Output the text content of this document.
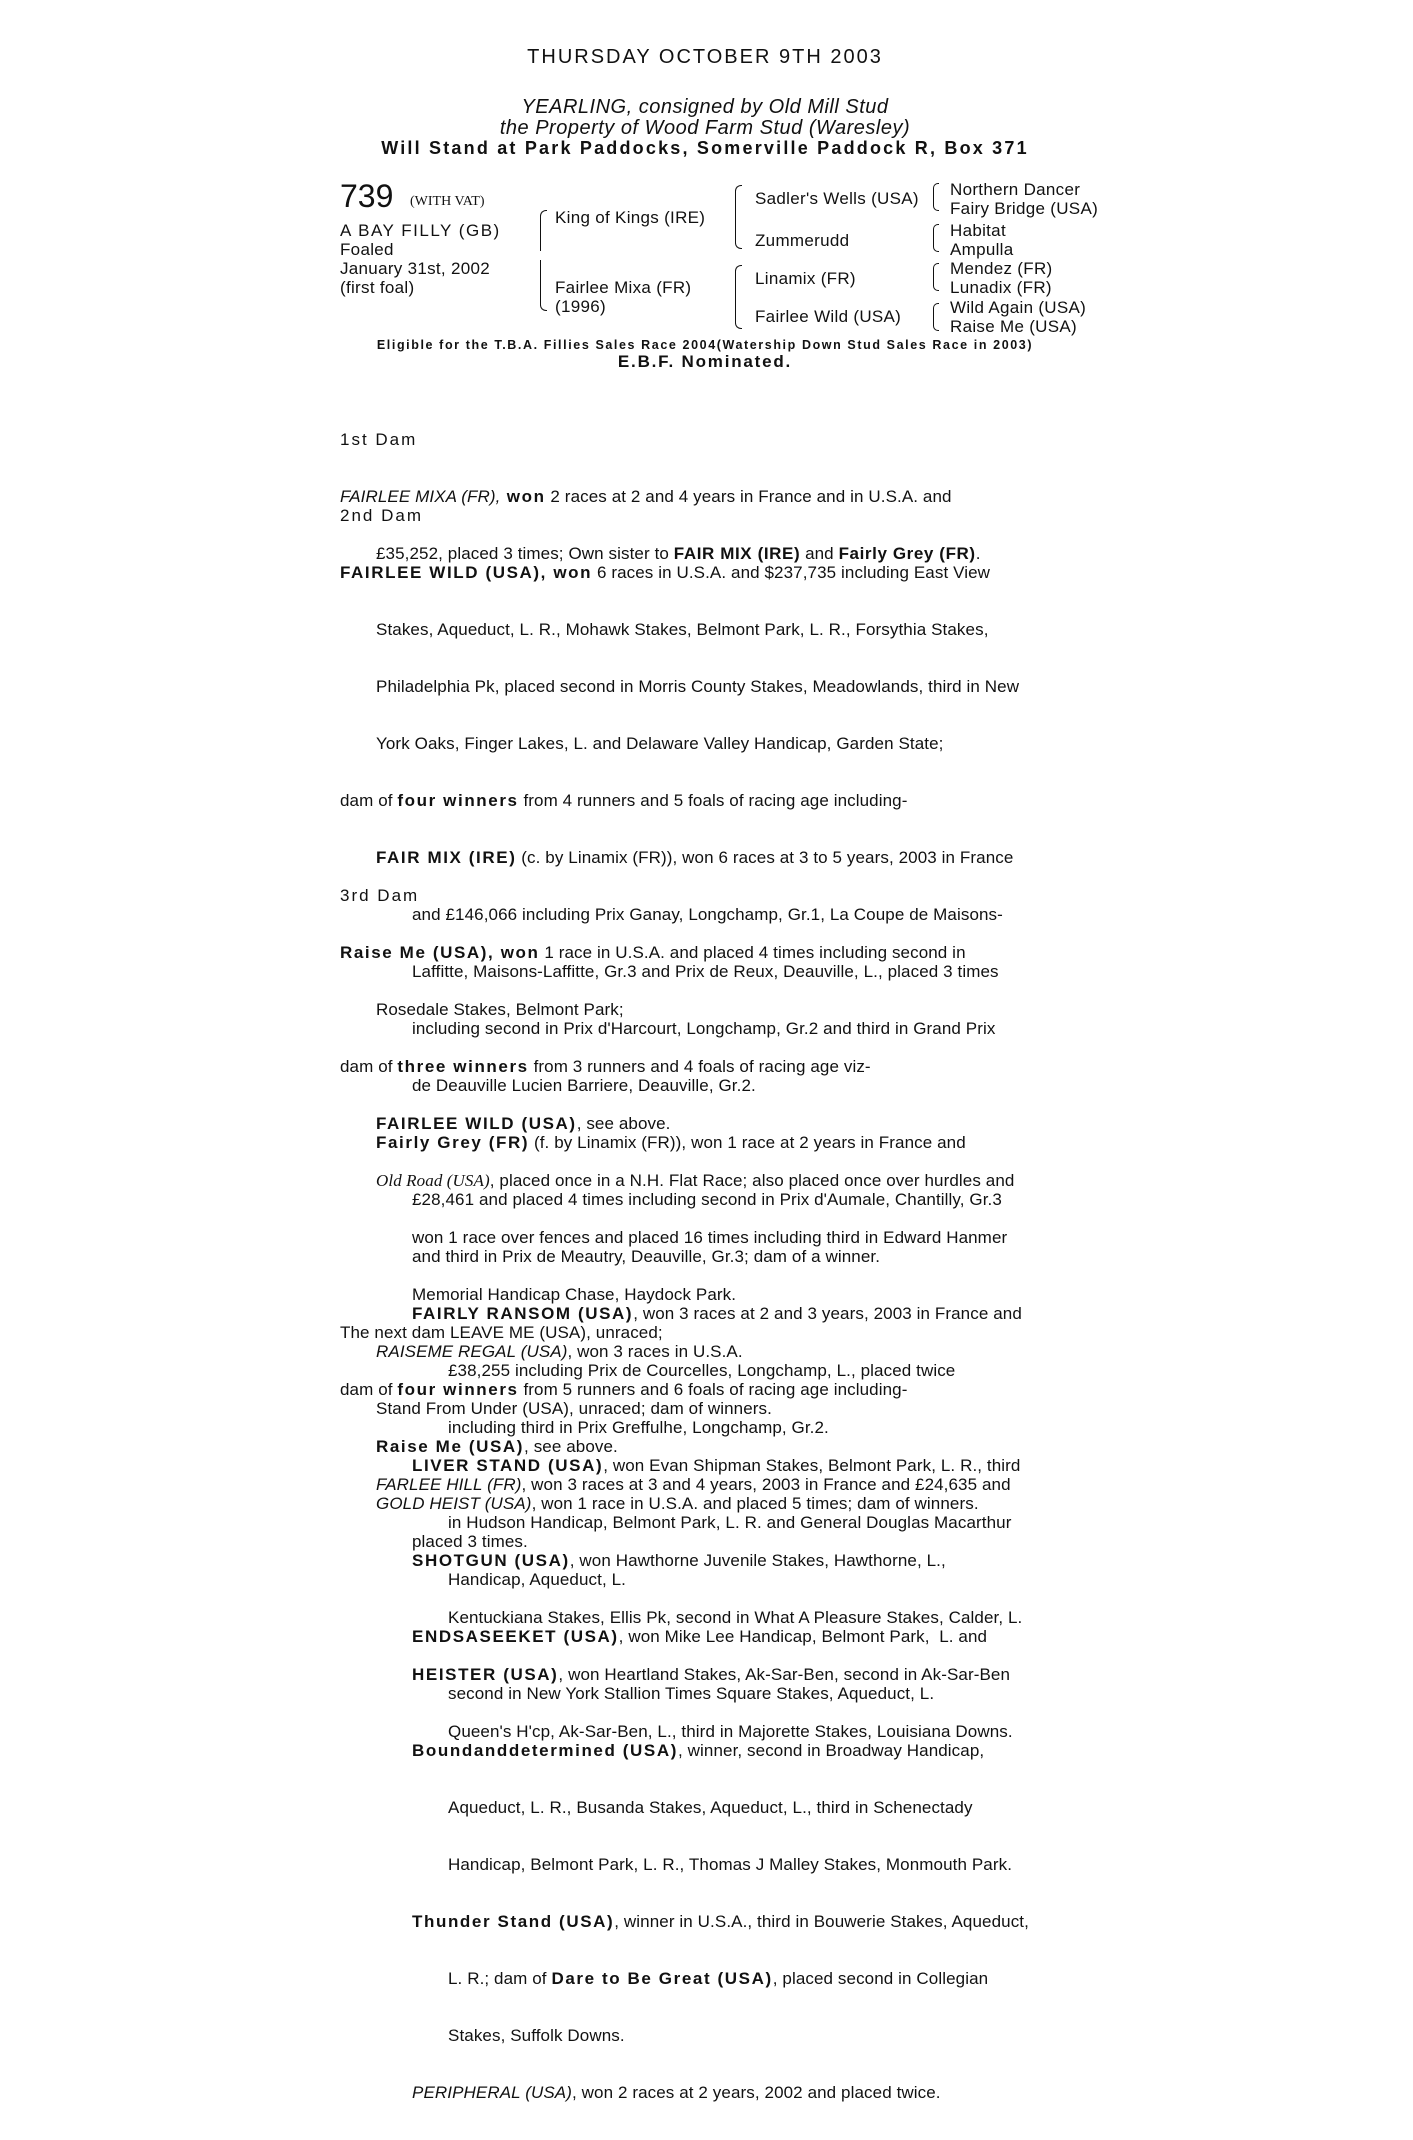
THURSDAY OCTOBER 9TH 2003
YEARLING, consigned by Old Mill Stud
the Property of Wood Farm Stud (Waresley)
Will Stand at Park Paddocks, Somerville Paddock R, Box 371
739 (WITH VAT)
A BAY FILLY (GB)
Foaled
January 31st, 2002
(first foal)
King of Kings (IRE)
Fairlee Mixa (FR)
(1996)
Sadler's Wells (USA)
Zummerudd
Linamix (FR)
Fairlee Wild (USA)
Northern Dancer
Fairy Bridge (USA)
Habitat
Ampulla
Mendez (FR)
Lunadix (FR)
Wild Again (USA)
Raise Me (USA)
Eligible for the T.B.A. Fillies Sales Race 2004(Watership Down Stud Sales Race in 2003)
E.B.F. Nominated.

1st Dam

FAIRLEE MIXA (FR), won 2 races at 2 and 4 years in France and in U.S.A. and

£35,252, placed 3 times; Own sister to FAIR MIX (IRE) and Fairly Grey (FR).

2nd Dam

FAIRLEE WILD (USA), won 6 races in U.S.A. and $237,735 including East View

Stakes, Aqueduct, L. R., Mohawk Stakes, Belmont Park, L. R., Forsythia Stakes,

Philadelphia Pk, placed second in Morris County Stakes, Meadowlands, third in New

York Oaks, Finger Lakes, L. and Delaware Valley Handicap, Garden State;

dam of four winners from 4 runners and 5 foals of racing age including-

FAIR MIX (IRE) (c. by Linamix (FR)), won 6 races at 3 to 5 years, 2003 in France

and £146,066 including Prix Ganay, Longchamp, Gr.1, La Coupe de Maisons-

Laffitte, Maisons-Laffitte, Gr.3 and Prix de Reux, Deauville, L., placed 3 times

including second in Prix d'Harcourt, Longchamp, Gr.2 and third in Grand Prix

de Deauville Lucien Barriere, Deauville, Gr.2.

Fairly Grey (FR) (f. by Linamix (FR)), won 1 race at 2 years in France and

£28,461 and placed 4 times including second in Prix d'Aumale, Chantilly, Gr.3

and third in Prix de Meautry, Deauville, Gr.3; dam of a winner.

FAIRLY RANSOM (USA), won 3 races at 2 and 3 years, 2003 in France and

£38,255 including Prix de Courcelles, Longchamp, L., placed twice

including third in Prix Greffulhe, Longchamp, Gr.2.

FARLEE HILL (FR), won 3 races at 3 and 4 years, 2003 in France and £24,635 and

placed 3 times.

3rd Dam

Raise Me (USA), won 1 race in U.S.A. and placed 4 times including second in

Rosedale Stakes, Belmont Park;

dam of three winners from 3 runners and 4 foals of racing age viz-

FAIRLEE WILD (USA), see above.

Old Road (USA), placed once in a N.H. Flat Race; also placed once over hurdles and

won 1 race over fences and placed 16 times including third in Edward Hanmer

Memorial Handicap Chase, Haydock Park.

RAISEME REGAL (USA), won 3 races in U.S.A.

Stand From Under (USA), unraced; dam of winners.

LIVER STAND (USA), won Evan Shipman Stakes, Belmont Park, L. R., third

in Hudson Handicap, Belmont Park, L. R. and General Douglas Macarthur

Handicap, Aqueduct, L.

ENDSASEEKET (USA), won Mike Lee Handicap, Belmont Park,  L. and

second in New York Stallion Times Square Stakes, Aqueduct, L.

Boundanddetermined (USA), winner, second in Broadway Handicap,

Aqueduct, L. R., Busanda Stakes, Aqueduct, L., third in Schenectady

Handicap, Belmont Park, L. R., Thomas J Malley Stakes, Monmouth Park.

Thunder Stand (USA), winner in U.S.A., third in Bouwerie Stakes, Aqueduct,

L. R.; dam of Dare to Be Great (USA), placed second in Collegian

Stakes, Suffolk Downs.

PERIPHERAL (USA), won 2 races at 2 years, 2002 and placed twice.

The next dam LEAVE ME (USA), unraced;

dam of four winners from 5 runners and 6 foals of racing age including-

Raise Me (USA), see above.

GOLD HEIST (USA), won 1 race in U.S.A. and placed 5 times; dam of winners.

SHOTGUN (USA), won Hawthorne Juvenile Stakes, Hawthorne, L.,

Kentuckiana Stakes, Ellis Pk, second in What A Pleasure Stakes, Calder, L.

HEISTER (USA), won Heartland Stakes, Ak-Sar-Ben, second in Ak-Sar-Ben

Queen's H'cp, Ak-Sar-Ben, L., third in Majorette Stakes, Louisiana Downs.
